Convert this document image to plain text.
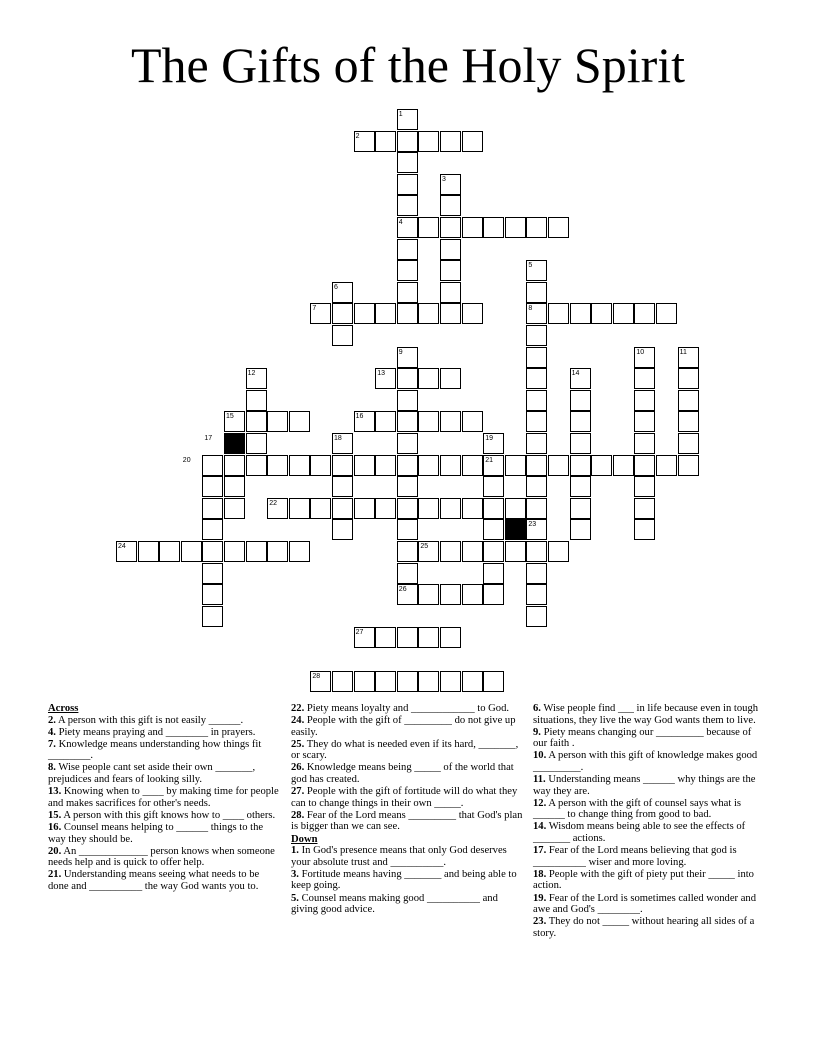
The Gifts of the Holy Spirit
1
2
3
4
5
6
7	8
9	10	11
12	13	14
15	16
17	18	19
20	21
22
23
24	25
26
27
28
Across
2. A person with this gift is not easily ______.
4. Piety means praying and ________ in prayers.
7. Knowledge means understanding how things fit ________.
8. Wise people cant set aside their own _______, prejudices and fears of looking silly.
13. Knowing when to ____ by making time for people and makes sacrifices for other's needs.
15. A person with this gift knows how to ____ others.
16. Counsel means helping to ______ things to the way they should be.
20. An _____________ person knows when someone needs help and is quick to offer help.
21. Understanding means seeing what needs to be done and __________ the way God wants you to.
22. Piety means loyalty and ____________ to God.
24. People with the gift of _________ do not give up easily.
25. They do what is needed even if its hard, _______, or scary.
26. Knowledge means being _____ of the world that god has created.
27. People with the gift of fortitude will do what they can to change things in their own _____.
28. Fear of the Lord means _________ that God's plan is bigger than we can see.
Down
1. In God's presence means that only God deserves your absolute trust and __________.
3. Fortitude means having _______ and being able to keep going.
5. Counsel means making good __________ and giving good advice.
6. Wise people find ___ in life because even in tough situations, they live the way God wants them to live.
9. Piety means changing our _________ because of our faith .
10. A person with this gift of knowledge makes good _________.
11. Understanding means ______ why things are the way they are.
12. A person with the gift of counsel says what is ______ to change thing from good to bad.
14. Wisdom means being able to see the effects of _______ actions.
17. Fear of the Lord means believing that god is __________ wiser and more loving.
18. People with the gift of piety put their _____ into action.
19. Fear of the Lord is sometimes called wonder and awe and God's ________.
23. They do not _____ without hearing all sides of a story.
